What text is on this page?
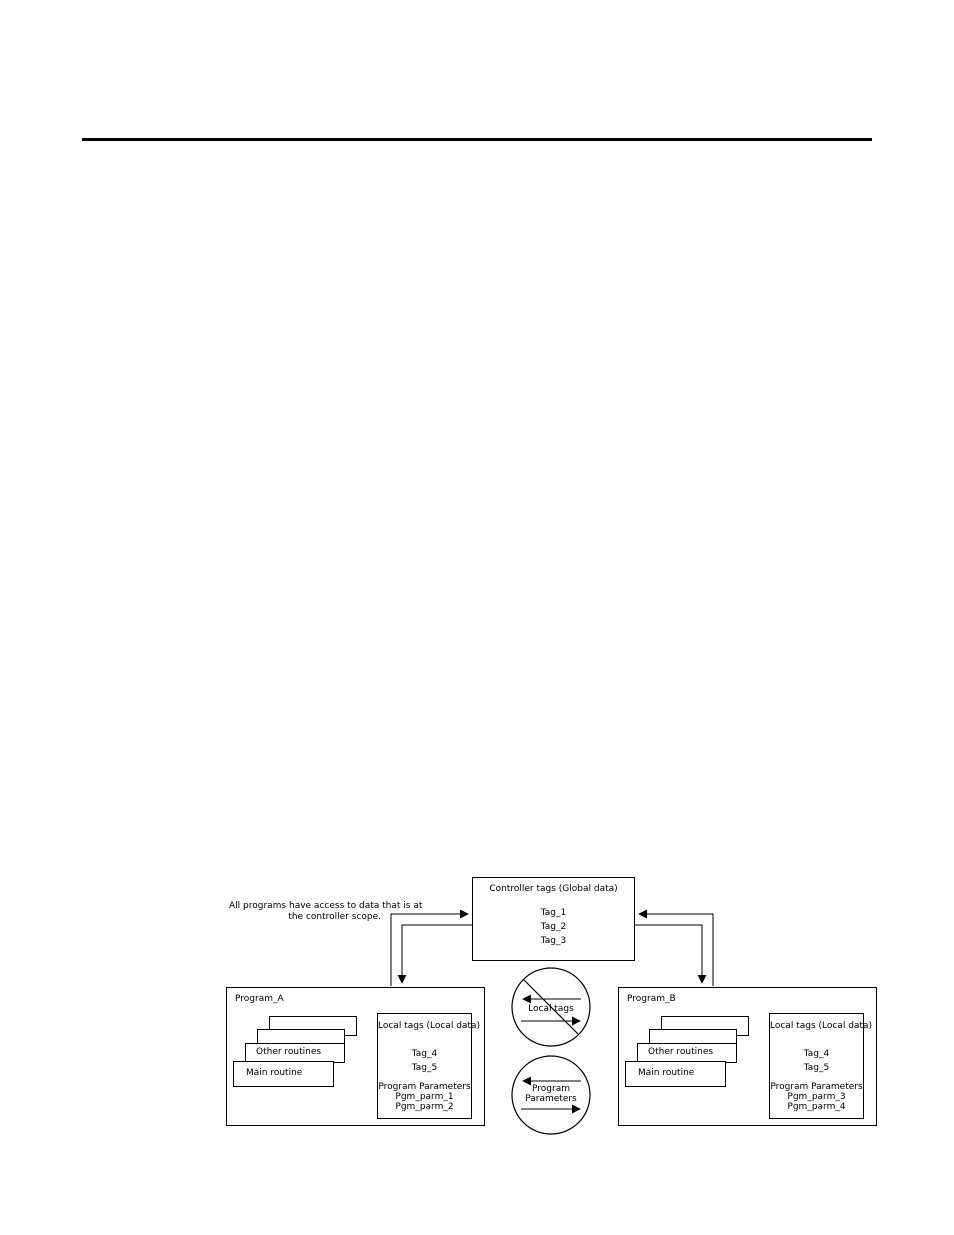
All programs have access to data that is at
the controller scope.
Controller tags (Global data)
Tag_1
Tag_2
Tag_3
Program_A
Other routines
Main routine
Local tags (Local data)
Tag_4
Tag_5
Program Parameters
Pgm_parm_1
Pgm_parm_2
Program_B
Other routines
Main routine
Local tags (Local data)
Tag_4
Tag_5
Program Parameters
Pgm_parm_3
Pgm_parm_4
Local tags
Program
Parameters
